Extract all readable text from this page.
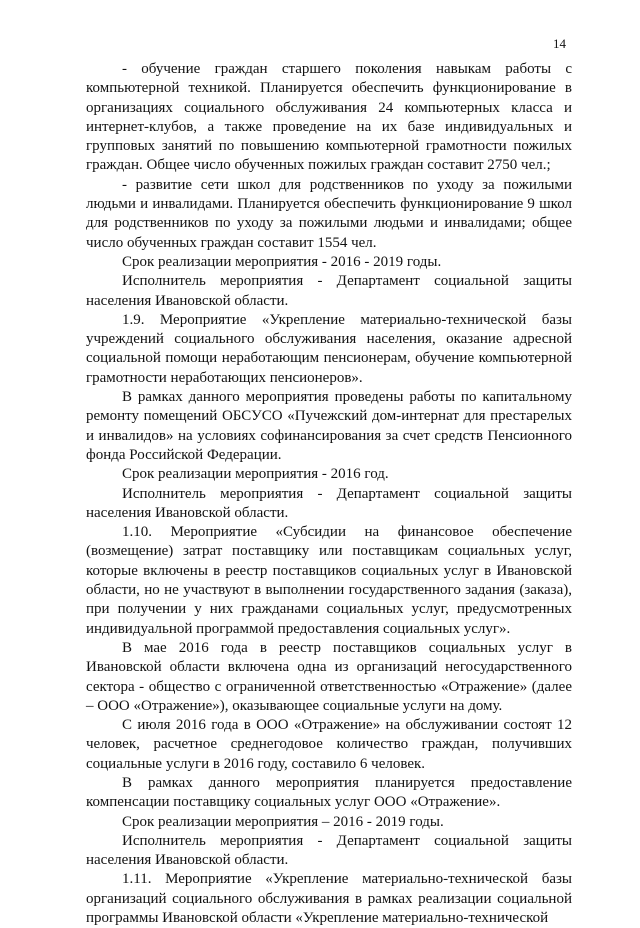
14

- обучение граждан старшего поколения навыкам работы с компьютерной техникой. Планируется обеспечить функционирование в организациях социального обслуживания 24 компьютерных класса и интернет-клубов, а также проведение на их базе индивидуальных и групповых занятий по повышению компьютерной грамотности пожилых граждан. Общее число обученных пожилых граждан составит 2750 чел.;

- развитие сети школ для родственников по уходу за пожилыми людьми и инвалидами. Планируется обеспечить функционирование 9 школ для родственников по уходу за пожилыми людьми и инвалидами; общее число обученных граждан составит 1554 чел.

Срок реализации мероприятия - 2016 - 2019 годы.

Исполнитель мероприятия - Департамент социальной защиты населения Ивановской области.

1.9. Мероприятие «Укрепление материально-технической базы учреждений социального обслуживания населения, оказание адресной социальной помощи неработающим пенсионерам, обучение компьютерной грамотности неработающих пенсионеров».

В рамках данного мероприятия проведены работы по капитальному ремонту помещений ОБСУСО «Пучежский дом-интернат для престарелых и инвалидов» на условиях софинансирования за счет средств Пенсионного фонда Российской Федерации.

Срок реализации мероприятия - 2016 год.

Исполнитель мероприятия - Департамент социальной защиты населения Ивановской области.

1.10. Мероприятие «Субсидии на финансовое обеспечение (возмещение) затрат поставщику или поставщикам социальных услуг, которые включены в реестр поставщиков социальных услуг в Ивановской области, но не участвуют в выполнении государственного задания (заказа), при получении у них гражданами социальных услуг, предусмотренных индивидуальной программой предоставления социальных услуг».

В мае 2016 года в реестр поставщиков социальных услуг в Ивановской области включена одна из организаций негосударственного сектора - общество с ограниченной ответственностью «Отражение» (далее – ООО «Отражение»), оказывающее социальные услуги на дому.

С июля 2016 года в ООО «Отражение» на обслуживании состоят 12 человек, расчетное среднегодовое количество граждан, получивших социальные услуги в 2016 году, составило 6 человек.

В рамках данного мероприятия планируется предоставление компенсации поставщику социальных услуг ООО «Отражение».

Срок реализации мероприятия – 2016 - 2019 годы.

Исполнитель мероприятия - Департамент социальной защиты населения Ивановской области.

1.11. Мероприятие «Укрепление материально-технической базы организаций социального обслуживания в рамках реализации социальной программы Ивановской области «Укрепление материально-технической
